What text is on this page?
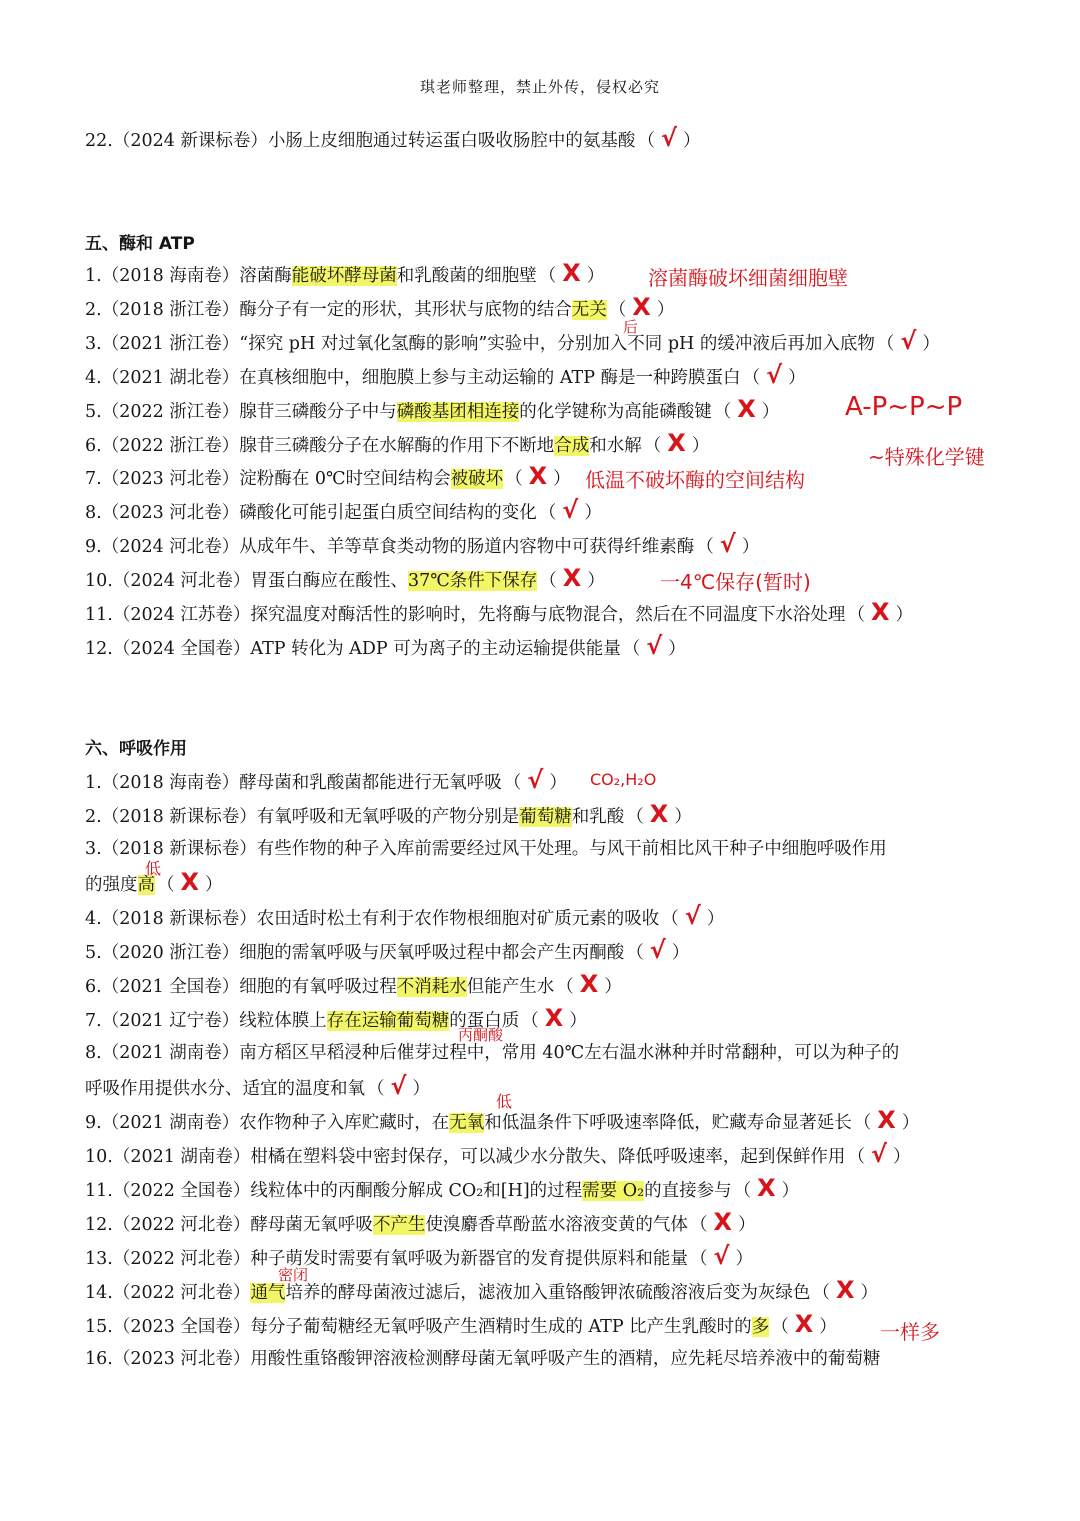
琪老师整理，禁止外传，侵权必究
22.（2024 新课标卷）小肠上皮细胞通过转运蛋白吸收肠腔中的氨基酸 （ √ ）
五、酶和 ATP
1.（2018 海南卷）溶菌酶能破坏酵母菌和乳酸菌的细胞壁 （ X ）
2.（2018 浙江卷）酶分子有一定的形状，其形状与底物的结合无关 （ X ）
3.（2021 浙江卷）“探究 pH 对过氧化氢酶的影响”实验中，分别加入不同 pH 的缓冲液后再加入底物 （ √ ）
4.（2021 湖北卷）在真核细胞中，细胞膜上参与主动运输的 ATP 酶是一种跨膜蛋白 （ √ ）
5.（2022 浙江卷）腺苷三磷酸分子中与磷酸基团相连接的化学键称为高能磷酸键 （ X ）
6.（2022 浙江卷）腺苷三磷酸分子在水解酶的作用下不断地合成和水解 （ X ）
7.（2023 河北卷）淀粉酶在 0℃时空间结构会被破坏 （ X ）
8.（2023 河北卷）磷酸化可能引起蛋白质空间结构的变化 （ √ ）
9.（2024 河北卷）从成年牛、羊等草食类动物的肠道内容物中可获得纤维素酶 （ √ ）
10.（2024 河北卷）胃蛋白酶应在酸性、37℃条件下保存 （ X ）
11.（2024 江苏卷）探究温度对酶活性的影响时，先将酶与底物混合，然后在不同温度下水浴处理 （ X ）
12.（2024 全国卷）ATP 转化为 ADP 可为离子的主动运输提供能量 （ √ ）
六、呼吸作用
1.（2018 海南卷）酵母菌和乳酸菌都能进行无氧呼吸 （ √ ）
2.（2018 新课标卷）有氧呼吸和无氧呼吸的产物分别是葡萄糖和乳酸 （ X ）
3.（2018 新课标卷）有些作物的种子入库前需要经过风干处理。与风干前相比风干种子中细胞呼吸作用
的强度高 （ X ）
4.（2018 新课标卷）农田适时松土有利于农作物根细胞对矿质元素的吸收 （ √ ）
5.（2020 浙江卷）细胞的需氧呼吸与厌氧呼吸过程中都会产生丙酮酸 （ √ ）
6.（2021 全国卷）细胞的有氧呼吸过程不消耗水但能产生水 （ X ）
7.（2021 辽宁卷）线粒体膜上存在运输葡萄糖的蛋白质 （ X ）
8.（2021 湖南卷）南方稻区早稻浸种后催芽过程中，常用 40℃左右温水淋种并时常翻种，可以为种子的
呼吸作用提供水分、适宜的温度和氧 （ √ ）
9.（2021 湖南卷）农作物种子入库贮藏时，在无氧和低温条件下呼吸速率降低，贮藏寿命显著延长 （ X ）
10.（2021 湖南卷）柑橘在塑料袋中密封保存，可以减少水分散失、降低呼吸速率，起到保鲜作用 （ √ ）
11.（2022 全国卷）线粒体中的丙酮酸分解成 CO₂和[H]的过程需要 O₂的直接参与 （ X ）
12.（2022 河北卷）酵母菌无氧呼吸不产生使溴麝香草酚蓝水溶液变黄的气体 （ X ）
13.（2022 河北卷）种子萌发时需要有氧呼吸为新器官的发育提供原料和能量 （ √ ）
14.（2022 河北卷）通气培养的酵母菌液过滤后，滤液加入重铬酸钾浓硫酸溶液后变为灰绿色 （ X ）
15.（2023 全国卷）每分子葡萄糖经无氧呼吸产生酒精时生成的 ATP 比产生乳酸时的多 （ X ）
16.（2023 河北卷）用酸性重铬酸钾溶液检测酵母菌无氧呼吸产生的酒精，应先耗尽培养液中的葡萄糖
溶菌酶破坏细菌细胞壁
后
A-P~P~P
~特殊化学键
低温不破坏酶的空间结构
一4℃保存(暂时)
CO₂,H₂O
低
丙酮酸
低
密闭
一样多
